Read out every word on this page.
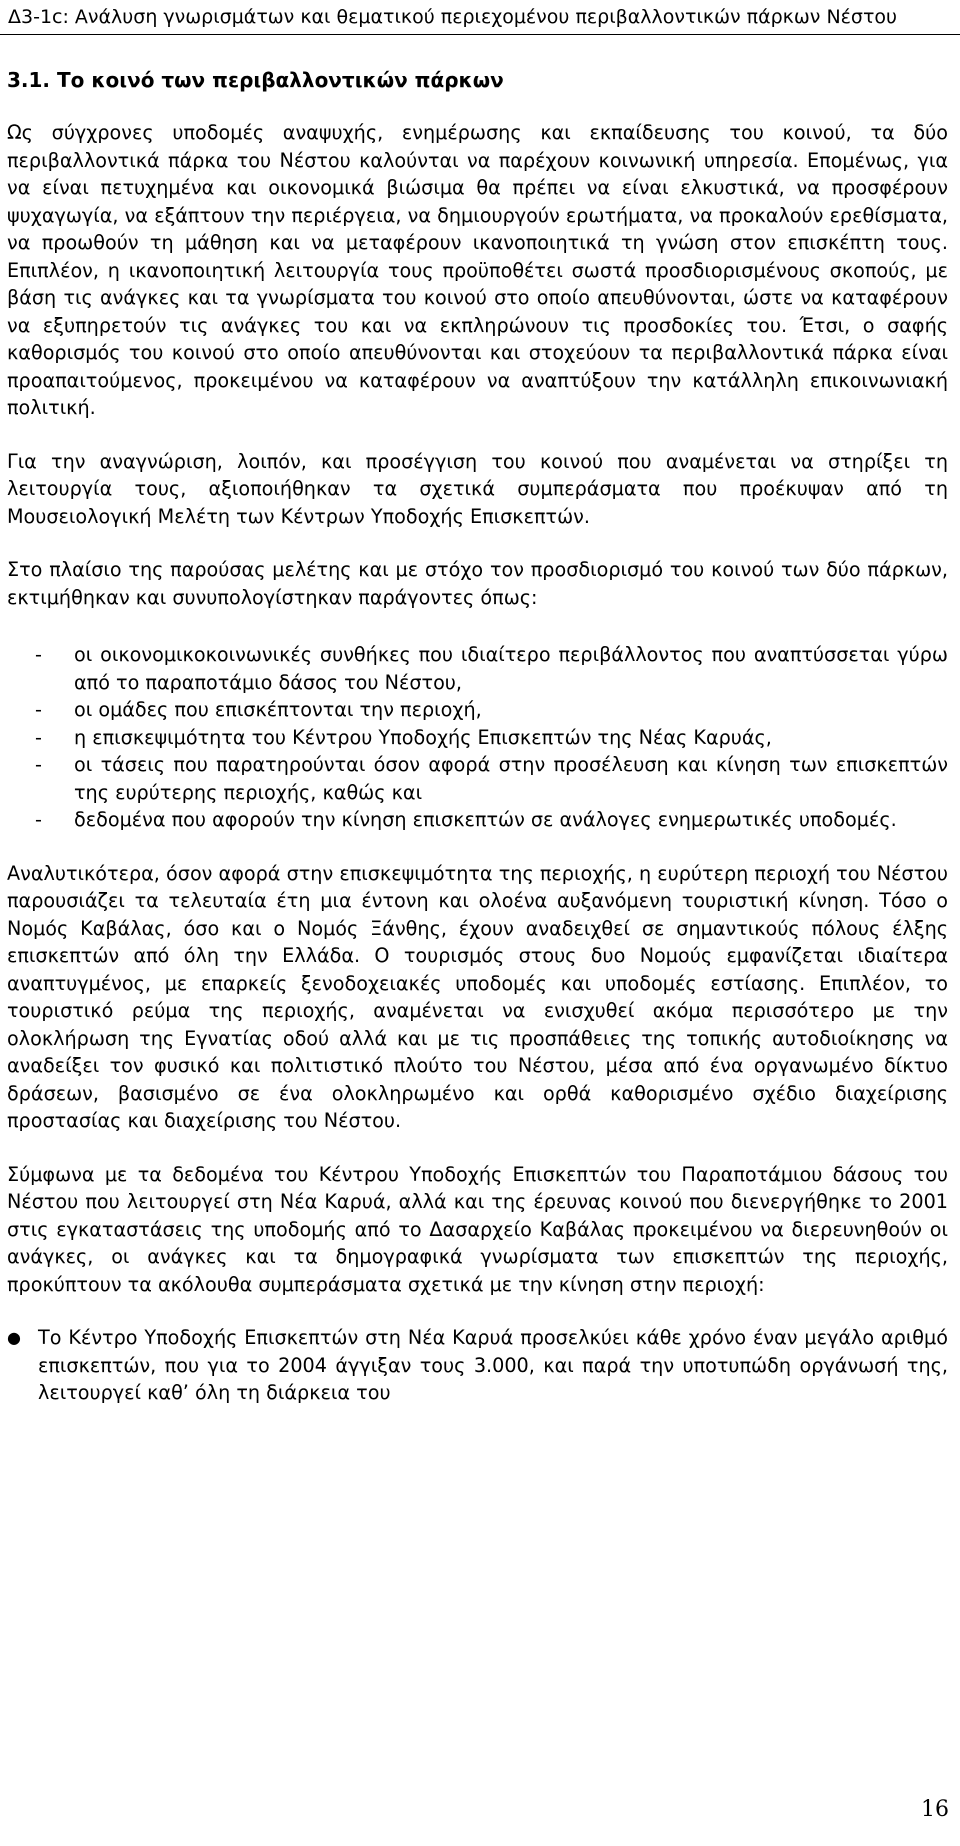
Δ3-1c: Ανάλυση γνωρισμάτων και θεματικού περιεχομένου περιβαλλοντικών πάρκων Νέστου
3.1. Το κοινό των περιβαλλοντικών πάρκων

Ως σύγχρονες υποδομές αναψυχής, ενημέρωσης και εκπαίδευσης του κοινού, τα δύο περιβαλλοντικά πάρκα του Νέστου καλούνται να παρέχουν κοινωνική υπηρεσία. Επομένως, για να είναι πετυχημένα και οικονομικά βιώσιμα θα πρέπει να είναι ελκυστικά, να προσφέρουν ψυχαγωγία, να εξάπτουν την περιέργεια, να δημιουργούν ερωτήματα, να προκαλούν ερεθίσματα, να προωθούν τη μάθηση και να μεταφέρουν ικανοποιητικά τη γνώση στον επισκέπτη τους. Επιπλέον, η ικανοποιητική λειτουργία τους προϋποθέτει σωστά προσδιορισμένους σκοπούς, με βάση τις ανάγκες και τα γνωρίσματα του κοινού στο οποίο απευθύνονται, ώστε να καταφέρουν να εξυπηρετούν τις ανάγκες του και να εκπληρώνουν τις προσδοκίες του. Έτσι, ο σαφής καθορισμός του κοινού στο οποίο απευθύνονται και στοχεύουν τα περιβαλλοντικά πάρκα είναι προαπαιτούμενος, προκειμένου να καταφέρουν να αναπτύξουν την κατάλληλη επικοινωνιακή πολιτική.

Για την αναγνώριση, λοιπόν, και προσέγγιση του κοινού που αναμένεται να στηρίξει τη λειτουργία τους, αξιοποιήθηκαν τα σχετικά συμπεράσματα που προέκυψαν από τη Μουσειολογική Μελέτη των Κέντρων Υποδοχής Επισκεπτών.

Στο πλαίσιο της παρούσας μελέτης και με στόχο τον προσδιορισμό του κοινού των δύο πάρκων, εκτιμήθηκαν και συνυπολογίστηκαν παράγοντες όπως:

- οι οικονομικοκοινωνικές συνθήκες που ιδιαίτερο περιβάλλοντος που αναπτύσσεται γύρω από το παραποτάμιο δάσος του Νέστου,
- οι ομάδες που επισκέπτονται την περιοχή,
- η επισκεψιμότητα του Κέντρου Υποδοχής Επισκεπτών της Νέας Καρυάς,
- οι τάσεις που παρατηρούνται όσον αφορά στην προσέλευση και κίνηση των επισκεπτών της ευρύτερης περιοχής, καθώς και
- δεδομένα που αφορούν την κίνηση επισκεπτών σε ανάλογες ενημερωτικές υποδομές.

Αναλυτικότερα, όσον αφορά στην επισκεψιμότητα της περιοχής, η ευρύτερη περιοχή του Νέστου παρουσιάζει τα τελευταία έτη μια έντονη και ολοένα αυξανόμενη τουριστική κίνηση. Τόσο ο Νομός Καβάλας, όσο και ο Νομός Ξάνθης, έχουν αναδειχθεί σε σημαντικούς πόλους έλξης επισκεπτών από όλη την Ελλάδα. Ο τουρισμός στους δυο Νομούς εμφανίζεται ιδιαίτερα αναπτυγμένος, με επαρκείς ξενοδοχειακές υποδομές και υποδομές εστίασης. Επιπλέον, το τουριστικό ρεύμα της περιοχής, αναμένεται να ενισχυθεί ακόμα περισσότερο με την ολοκλήρωση της Εγνατίας οδού αλλά και με τις προσπάθειες της τοπικής αυτοδιοίκησης να αναδείξει τον φυσικό και πολιτιστικό πλούτο του Νέστου, μέσα από ένα οργανωμένο δίκτυο δράσεων, βασισμένο σε ένα ολοκληρωμένο και ορθά καθορισμένο σχέδιο διαχείρισης προστασίας και διαχείρισης του Νέστου.

Σύμφωνα με τα δεδομένα του Κέντρου Υποδοχής Επισκεπτών του Παραποτάμιου δάσους του Νέστου που λειτουργεί στη Νέα Καρυά, αλλά και της έρευνας κοινού που διενεργήθηκε το 2001 στις εγκαταστάσεις της υποδομής από το Δασαρχείο Καβάλας προκειμένου να διερευνηθούν οι ανάγκες, οι ανάγκες και τα δημογραφικά γνωρίσματα των επισκεπτών της περιοχής, προκύπτουν τα ακόλουθα συμπεράσματα σχετικά με την κίνηση στην περιοχή:

● Το Κέντρο Υποδοχής Επισκεπτών στη Νέα Καρυά προσελκύει κάθε χρόνο έναν μεγάλο αριθμό επισκεπτών, που για το 2004 άγγιξαν τους 3.000, και παρά την υποτυπώδη οργάνωσή της, λειτουργεί καθ’ όλη τη διάρκεια του
16
